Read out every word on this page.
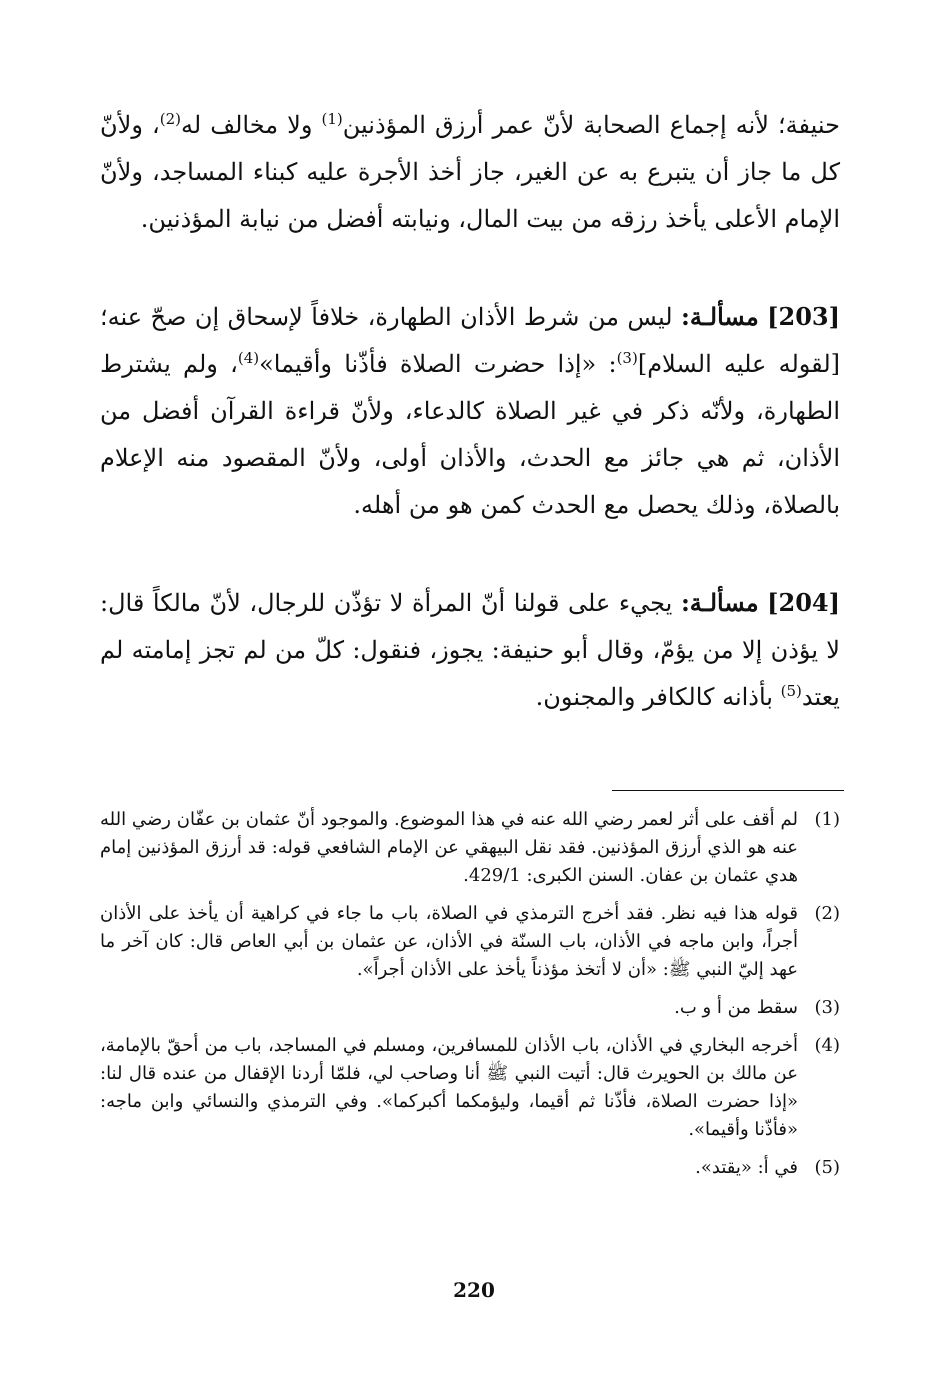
حنيفة؛ لأنه إجماع الصحابة لأنّ عمر أرزق المؤذنين$^{(1)}$ ولا مخالف له$^{(2)}$، ولأنّ كل ما جاز أن يتبرع به عن الغير، جاز أخذ الأجرة عليه كبناء المساجد، ولأنّ الإمام الأعلى يأخذ رزقه من بيت المال، ونيابته أفضل من نيابة المؤذنين.

[203] مسألـة: ليس من شرط الأذان الطهارة، خلافاً لإسحاق إن صحّ عنه؛ [لقوله عليه السلام]$^{(3)}$: «إذا حضرت الصلاة فأذّنا وأقيما»$^{(4)}$، ولم يشترط الطهارة، ولأنّه ذكر في غير الصلاة كالدعاء، ولأنّ قراءة القرآن أفضل من الأذان، ثم هي جائز مع الحدث، والأذان أولى، ولأنّ المقصود منه الإعلام بالصلاة، وذلك يحصل مع الحدث كمن هو من أهله.

[204] مسألـة: يجيء على قولنا أنّ المرأة لا تؤذّن للرجال، لأنّ مالكاً قال: لا يؤذن إلا من يؤمّ، وقال أبو حنيفة: يجوز، فنقول: كلّ من لم تجز إمامته لم يعتد$^{(5)}$ بأذانه كالكافر والمجنون.

(1)
لم أقف على أثر لعمر رضي الله عنه في هذا الموضوع. والموجود أنّ عثمان بن عفّان رضي الله عنه هو الذي أرزق المؤذنين. فقد نقل البيهقي عن الإمام الشافعي قوله: قد أرزق المؤذنين إمام هدي عثمان بن عفان. السنن الكبرى: 429/1.
(2)
قوله هذا فيه نظر. فقد أخرج الترمذي في الصلاة، باب ما جاء في كراهية أن يأخذ على الأذان أجراً، وابن ماجه في الأذان، باب السنّة في الأذان، عن عثمان بن أبي العاص قال: كان آخر ما عهد إليّ النبي ﷺ: «أن لا أتخذ مؤذناً يأخذ على الأذان أجراً».
(3)
سقط من أ و ب.
(4)
أخرجه البخاري في الأذان، باب الأذان للمسافرين، ومسلم في المساجد، باب من أحقّ بالإمامة، عن مالك بن الحويرث قال: أتيت النبي ﷺ أنا وصاحب لي، فلمّا أردنا الإقفال من عنده قال لنا: «إذا حضرت الصلاة، فأذّنا ثم أقيما، وليؤمكما أكبركما». وفي الترمذي والنسائي وابن ماجه: «فأذّنا وأقيما».
(5)
في أ: «يقتد».
220
